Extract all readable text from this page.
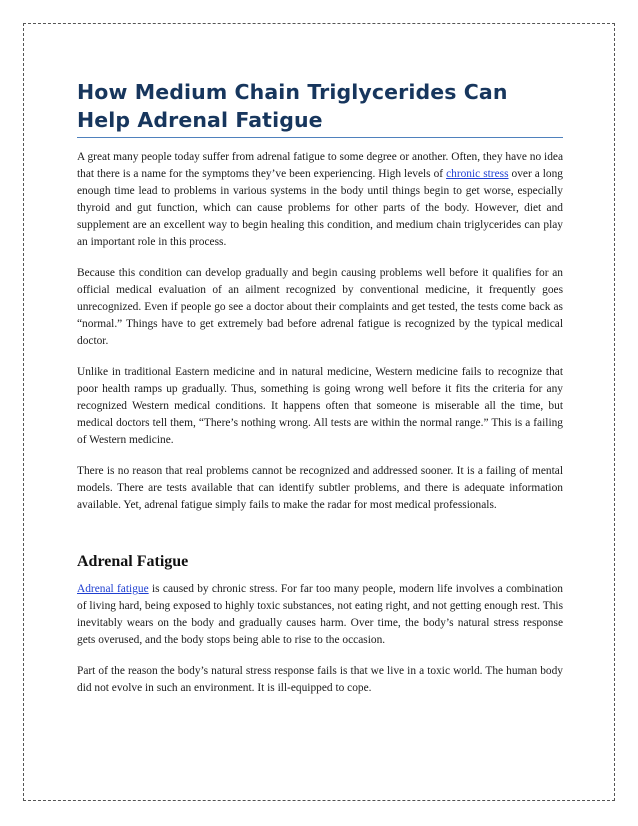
How Medium Chain Triglycerides Can Help Adrenal Fatigue

A great many people today suffer from adrenal fatigue to some degree or another. Often, they have no idea that there is a name for the symptoms they’ve been experiencing. High levels of chronic stress over a long enough time lead to problems in various systems in the body until things begin to get worse, especially thyroid and gut function, which can cause problems for other parts of the body. However, diet and supplement are an excellent way to begin healing this condition, and medium chain triglycerides can play an important role in this process.

Because this condition can develop gradually and begin causing problems well before it qualifies for an official medical evaluation of an ailment recognized by conventional medicine, it frequently goes unrecognized. Even if people go see a doctor about their complaints and get tested, the tests come back as “normal.” Things have to get extremely bad before adrenal fatigue is recognized by the typical medical doctor.

Unlike in traditional Eastern medicine and in natural medicine, Western medicine fails to recognize that poor health ramps up gradually. Thus, something is going wrong well before it fits the criteria for any recognized Western medical conditions. It happens often that someone is miserable all the time, but medical doctors tell them, “There’s nothing wrong. All tests are within the normal range.” This is a failing of Western medicine.

There is no reason that real problems cannot be recognized and addressed sooner. It is a failing of mental models. There are tests available that can identify subtler problems, and there is adequate information available. Yet, adrenal fatigue simply fails to make the radar for most medical professionals.

Adrenal Fatigue

Adrenal fatigue is caused by chronic stress. For far too many people, modern life involves a combination of living hard, being exposed to highly toxic substances, not eating right, and not getting enough rest. This inevitably wears on the body and gradually causes harm. Over time, the body’s natural stress response gets overused, and the body stops being able to rise to the occasion.

Part of the reason the body’s natural stress response fails is that we live in a toxic world. The human body did not evolve in such an environment. It is ill-equipped to cope.
